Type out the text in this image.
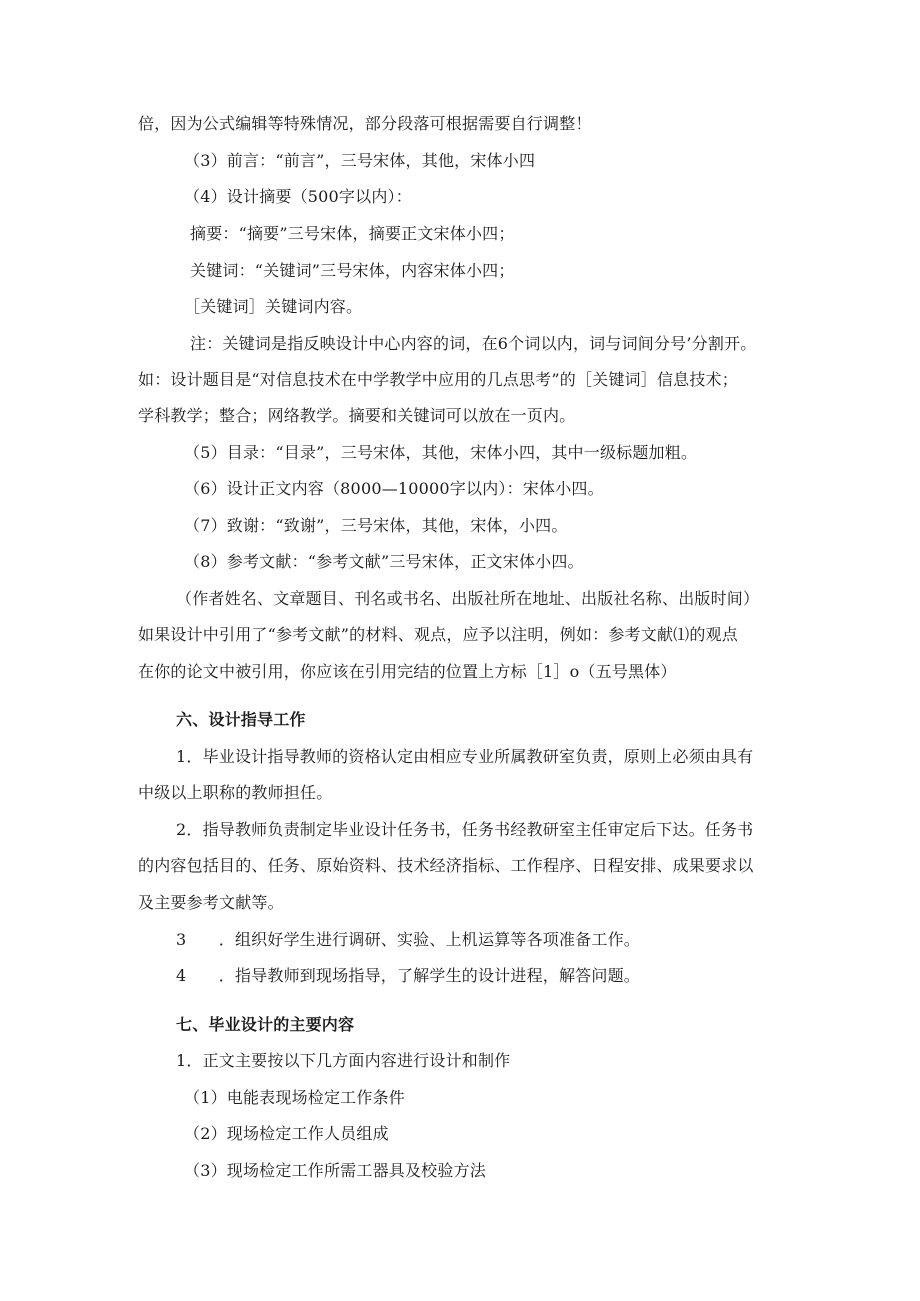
倍，因为公式编辑等特殊情况，部分段落可根据需要自行调整！
（3）前言：“前言”，三号宋体，其他，宋体小四
（4）设计摘要（500字以内）：
摘要：“摘要”三号宋体，摘要正文宋体小四；
关键词：“关键词”三号宋体，内容宋体小四；
［关键词］关键词内容。
注：关键词是指反映设计中心内容的词，在6个词以内，词与词间分号’分割开。
如：设计题目是“对信息技术在中学教学中应用的几点思考”的［关键词］信息技术；
学科教学；整合；网络教学。摘要和关键词可以放在一页内。
（5）目录：“目录”，三号宋体，其他，宋体小四，其中一级标题加粗。
（6）设计正文内容（8000—10000字以内）：宋体小四。
（7）致谢：“致谢”，三号宋体，其他，宋体，小四。
（8）参考文献：“参考文献”三号宋体，正文宋体小四。
（作者姓名、文章题目、刊名或书名、出版社所在地址、出版社名称、出版时间）
如果设计中引用了“参考文献”的材料、观点，应予以注明，例如：参考文献⑴的观点
在你的论文中被引用，你应该在引用完结的位置上方标［1］o（五号黑体）
六、设计指导工作
1．毕业设计指导教师的资格认定由相应专业所属教研室负责，原则上必须由具有
中级以上职称的教师担任。
2．指导教师负责制定毕业设计任务书，任务书经教研室主任审定后下达。任务书
的内容包括目的、任务、原始资料、技术经济指标、工作程序、日程安排、成果要求以
及主要参考文献等。
3　　．组织好学生进行调研、实验、上机运算等各项准备工作。
4　　．指导教师到现场指导，了解学生的设计进程，解答问题。
七、毕业设计的主要内容
1．正文主要按以下几方面内容进行设计和制作
（1）电能表现场检定工作条件
（2）现场检定工作人员组成
（3）现场检定工作所需工器具及校验方法
